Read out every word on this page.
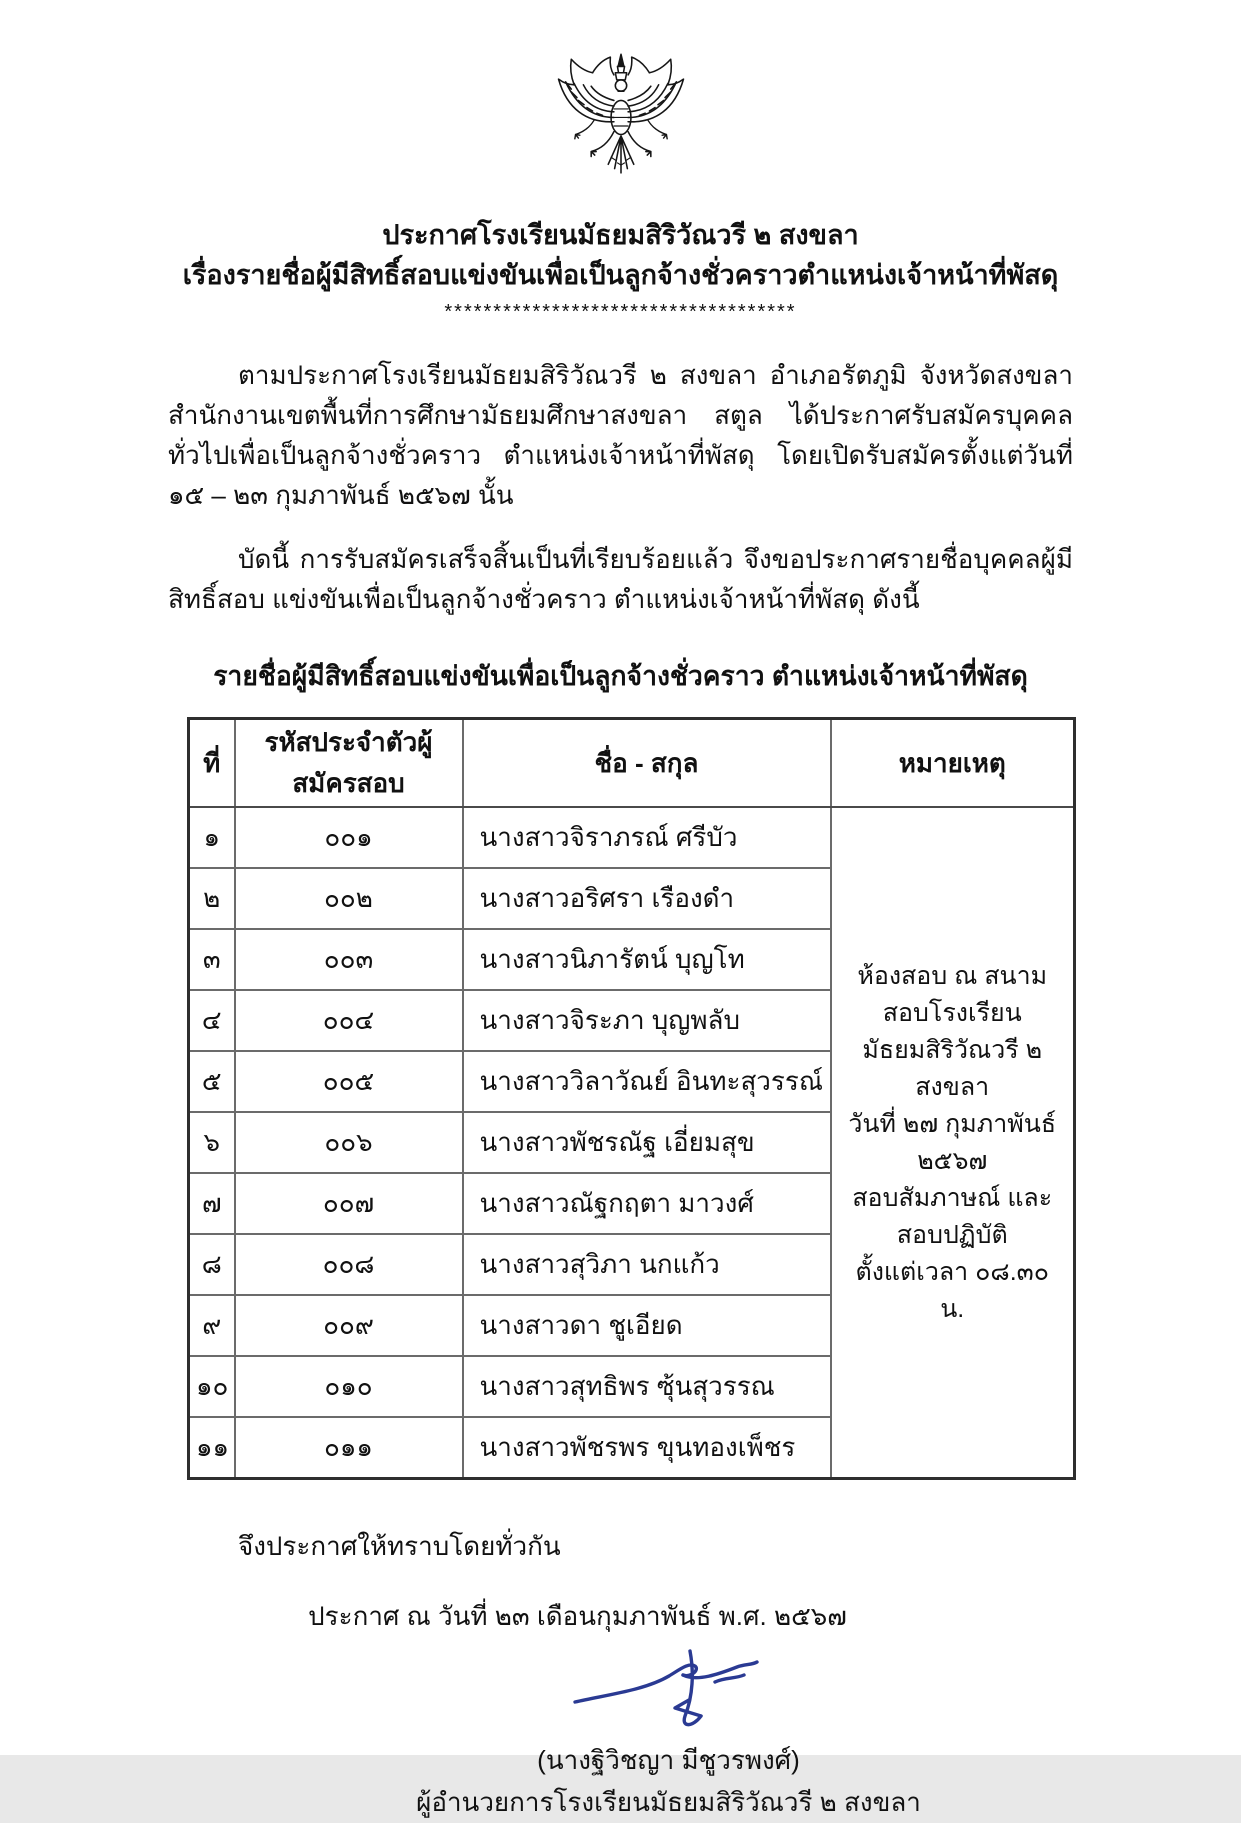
ประกาศโรงเรียนมัธยมสิริวัณวรี ๒ สงขลา
เรื่องรายชื่อผู้มีสิทธิ์สอบแข่งขันเพื่อเป็นลูกจ้างชั่วคราวตำแหน่งเจ้าหน้าที่พัสดุ
************************************

ตามประกาศโรงเรียนมัธยมสิริวัณวรี ๒ สงขลา อำเภอรัตภูมิ จังหวัดสงขลา สำนักงานเขตพื้นที่การศึกษามัธยมศึกษาสงขลา สตูล ได้ประกาศรับสมัครบุคคลทั่วไปเพื่อเป็นลูกจ้างชั่วคราว ตำแหน่งเจ้าหน้าที่พัสดุ โดยเปิดรับสมัครตั้งแต่วันที่ ๑๕ – ๒๓ กุมภาพันธ์ ๒๕๖๗ นั้น

บัดนี้ การรับสมัครเสร็จสิ้นเป็นที่เรียบร้อยแล้ว จึงขอประกาศรายชื่อบุคคลผู้มีสิทธิ์สอบ แข่งขันเพื่อเป็นลูกจ้างชั่วคราว ตำแหน่งเจ้าหน้าที่พัสดุ ดังนี้

รายชื่อผู้มีสิทธิ์สอบแข่งขันเพื่อเป็นลูกจ้างชั่วคราว ตำแหน่งเจ้าหน้าที่พัสดุ
ที่	รหัสประจำตัวผู้สมัครสอบ	ชื่อ - สกุล	หมายเหตุ
๑	๐๐๑	นางสาวจิราภรณ์ ศรีบัว	ห้องสอบ ณ สนามสอบโรงเรียน
มัธยมสิริวัณวรี ๒ สงขลา
วันที่ ๒๗ กุมภาพันธ์ ๒๕๖๗
สอบสัมภาษณ์ และสอบปฏิบัติ
ตั้งแต่เวลา ๐๘.๓๐ น.

๒	๐๐๒	นางสาวอริศรา เรืองดำ	
๓	๐๐๓	นางสาวนิภารัตน์ บุญโท	
๔	๐๐๔	นางสาวจิระภา บุญพลับ	
๕	๐๐๕	นางสาววิลาวัณย์ อินทะสุวรรณ์	
๖	๐๐๖	นางสาวพัชรณัฐ เอี่ยมสุข	
๗	๐๐๗	นางสาวณัฐกฤตา มาวงศ์	
๘	๐๐๘	นางสาวสุวิภา นกแก้ว	
๙	๐๐๙	นางสาวดา ชูเอียด	
๑๐	๐๑๐	นางสาวสุทธิพร ซุ้นสุวรรณ	
๑๑	๐๑๑	นางสาวพัชรพร ขุนทองเพ็ชร	
จึงประกาศให้ทราบโดยทั่วกัน
ประกาศ ณ วันที่ ๒๓ เดือนกุมภาพันธ์ พ.ศ. ๒๕๖๗
(นางฐิวิชญา มีชูวรพงศ์)
ผู้อำนวยการโรงเรียนมัธยมสิริวัณวรี ๒ สงขลา
